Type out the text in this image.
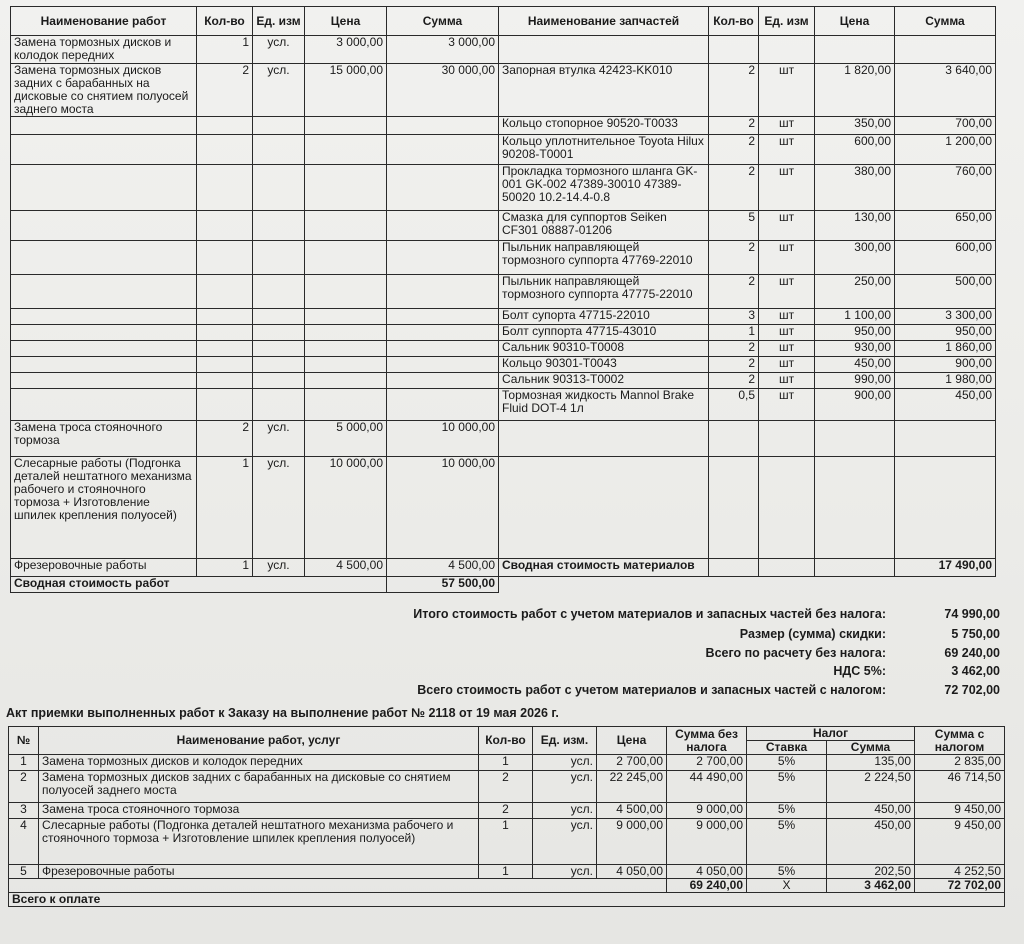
Наименование работ	Кол-во	Ед. изм	Цена	Сумма	Наименование запчастей	Кол-во	Ед. изм	Цена	Сумма
Замена тормозных дисков и колодок передних	1	усл.	3 000,00	3 000,00					
Замена тормозных дисков задних с барабанных на дисковые со снятием полуосей заднего моста	2	усл.	15 000,00	30 000,00	Запорная втулка 42423-KK010	2	шт	1 820,00	3 640,00
					Кольцо стопорное 90520-T0033	2	шт	350,00	700,00
					Кольцо уплотнительное Toyota Hilux 90208-T0001	2	шт	600,00	1 200,00
					Прокладка тормозного шланга GK-001 GK-002 47389-30010 47389-50020 10.2-14.4-0.8	2	шт	380,00	760,00
					Смазка для суппортов Seiken CF301 08887-01206	5	шт	130,00	650,00
					Пыльник направляющей тормозного суппорта 47769-22010	2	шт	300,00	600,00
					Пыльник направляющей тормозного суппорта 47775-22010	2	шт	250,00	500,00
					Болт супорта 47715-22010	3	шт	1 100,00	3 300,00
					Болт суппорта 47715-43010	1	шт	950,00	950,00
					Сальник 90310-T0008	2	шт	930,00	1 860,00
					Кольцо 90301-T0043	2	шт	450,00	900,00
					Сальник 90313-T0002	2	шт	990,00	1 980,00
					Тормозная жидкость Mannol Brake Fluid DOT-4 1л	0,5	шт	900,00	450,00
Замена троса стояночного тормоза	2	усл.	5 000,00	10 000,00					
Слесарные работы (Подгонка деталей нештатного механизма рабочего и стояночного тормоза + Изготовление шпилек крепления полуосей)	1	усл.	10 000,00	10 000,00					
Фрезеровочные работы	1	усл.	4 500,00	4 500,00	Сводная стоимость материалов				17 490,00
Сводная стоимость работ				57 500,00					
Итого стоимость работ с учетом материалов и запасных частей без налога:	74 990,00
Размер (сумма) скидки:	5 750,00
Всего по расчету без налога:	69 240,00
НДС 5%:	3 462,00
Всего стоимость работ с учетом материалов и запасных частей с налогом:	72 702,00
Акт приемки выполненных работ к Заказу на выполнение работ № 2118 от 19 мая 2026 г.
№	Наименование работ, услуг	Кол-во	Ед. изм.	Цена	Сумма без налога	Налог		Сумма с налогом
						Ставка	Сумма	
1	Замена тормозных дисков и колодок передних	1	усл.	2 700,00	2 700,00	5%	135,00	2 835,00
2	Замена тормозных дисков задних с барабанных на дисковые со снятием полуосей заднего моста	2	усл.	22 245,00	44 490,00	5%	2 224,50	46 714,50
3	Замена троса стояночного тормоза	2	усл.	4 500,00	9 000,00	5%	450,00	9 450,00
4	Слесарные работы (Подгонка деталей нештатного механизма рабочего и стояночного тормоза + Изготовление шпилек крепления полуосей)	1	усл.	9 000,00	9 000,00	5%	450,00	9 450,00
5	Фрезеровочные работы	1	усл.	4 050,00	4 050,00	5%	202,50	4 252,50
					69 240,00	X	3 462,00	72 702,00
Всего к оплате								
